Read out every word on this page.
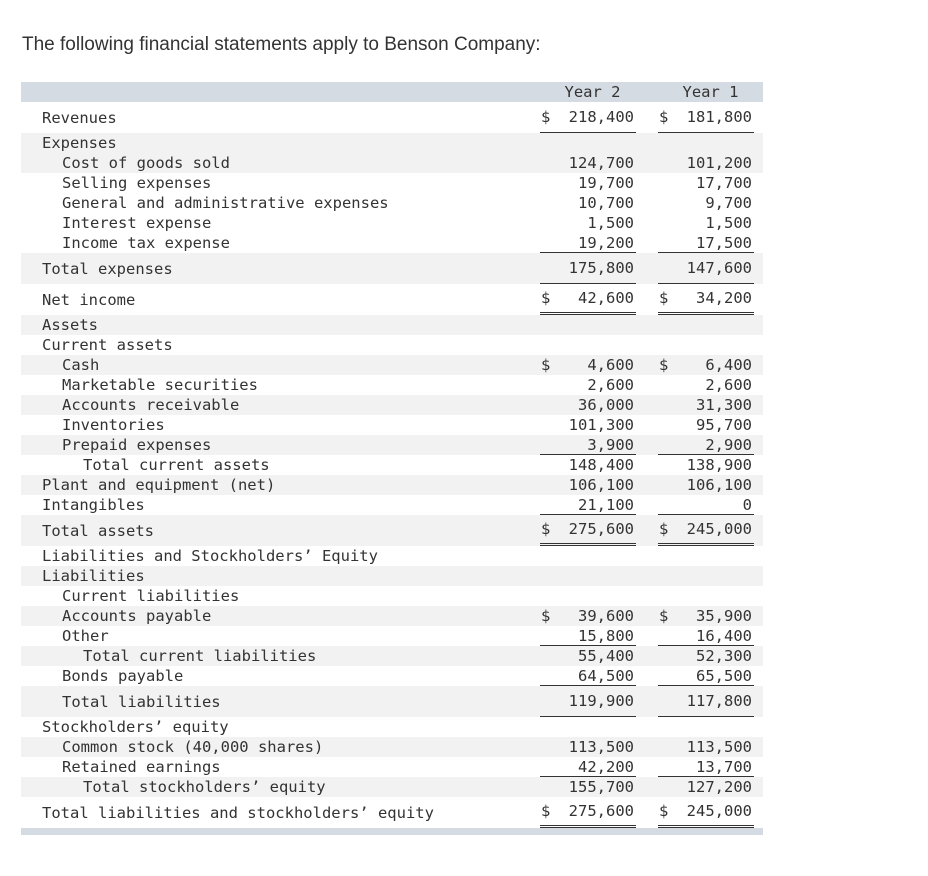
The following financial statements apply to Benson Company:
Year 2	Year 1
Revenues	$ 218,400 $ 181,800
Expenses
Cost of goods sold	124,700	101,200
Selling expenses	19,700	17,700
General and administrative expenses	10,700	9,700
Interest expense	1,500	1,500
Income tax expense	19,200	17,500
Total expenses	175,800	147,600
Net income	$ 42,600 $ 34,200
Assets
Current assets
Cash	$ 4,600 $ 6,400
Marketable securities	2,600	2,600
Accounts receivable	36,000	31,300
Inventories	101,300	95,700
Prepaid expenses	3,900	2,900
Total current assets	148,400	138,900
Plant and equipment (net)	106,100	106,100
Intangibles	21,100	0
Total assets	$ 275,600 $ 245,000
Liabilities and Stockholders’ Equity
Liabilities
Current liabilities
Accounts payable	$ 39,600 $ 35,900
Other	15,800	16,400
Total current liabilities	55,400	52,300
Bonds payable	64,500	65,500
Total liabilities	119,900	117,800
Stockholders’ equity
Common stock (40,000 shares)	113,500	113,500
Retained earnings	42,200	13,700
Total stockholders’ equity	155,700	127,200
Total liabilities and stockholders’ equity	$ 275,600 $ 245,000
